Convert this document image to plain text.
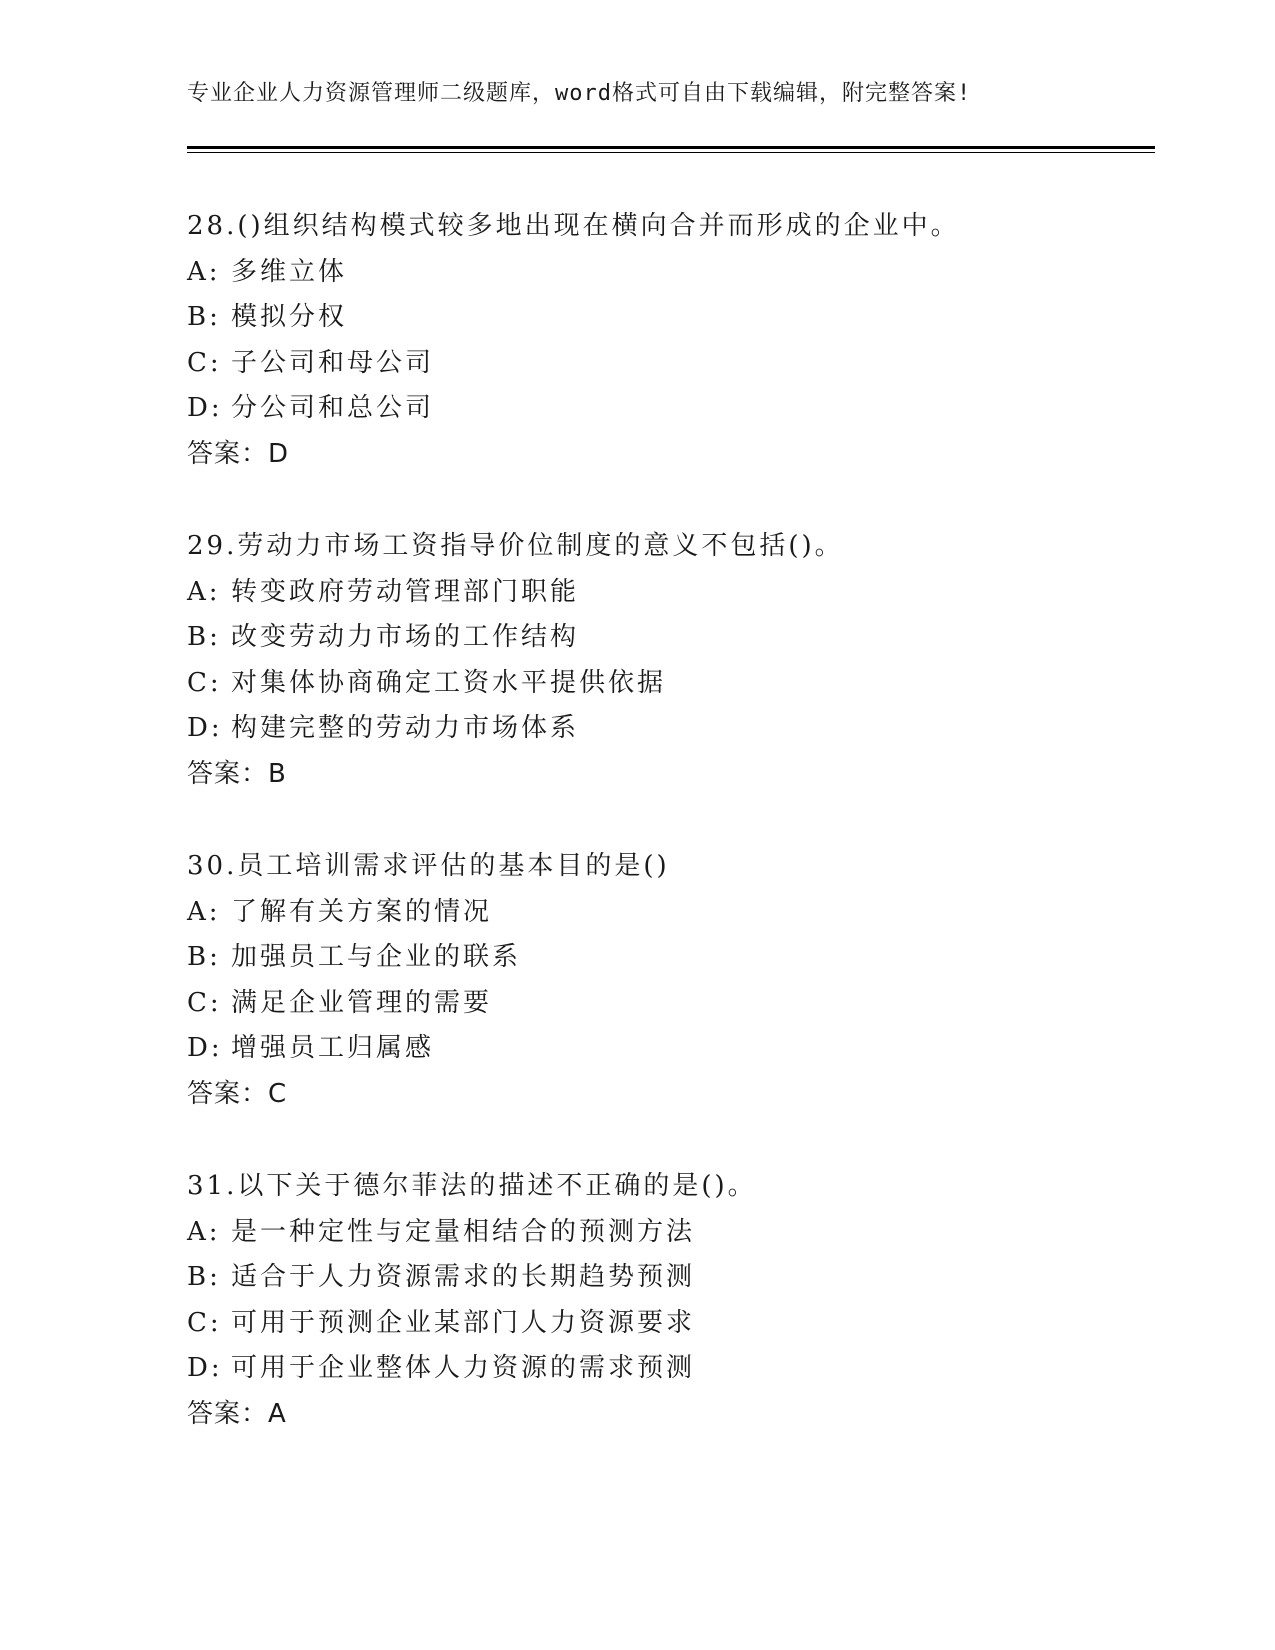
专业企业人力资源管理师二级题库，word格式可自由下载编辑，附完整答案!
28.()组织结构模式较多地出现在横向合并而形成的企业中。
A: 多维立体
B: 模拟分权
C: 子公司和母公司
D: 分公司和总公司
答案：D
29.劳动力市场工资指导价位制度的意义不包括()。
A: 转变政府劳动管理部门职能
B: 改变劳动力市场的工作结构
C: 对集体协商确定工资水平提供依据
D: 构建完整的劳动力市场体系
答案：B
30.员工培训需求评估的基本目的是()
A: 了解有关方案的情况
B: 加强员工与企业的联系
C: 满足企业管理的需要
D: 增强员工归属感
答案：C
31.以下关于德尔菲法的描述不正确的是()。
A: 是一种定性与定量相结合的预测方法
B: 适合于人力资源需求的长期趋势预测
C: 可用于预测企业某部门人力资源要求
D: 可用于企业整体人力资源的需求预测
答案：A
